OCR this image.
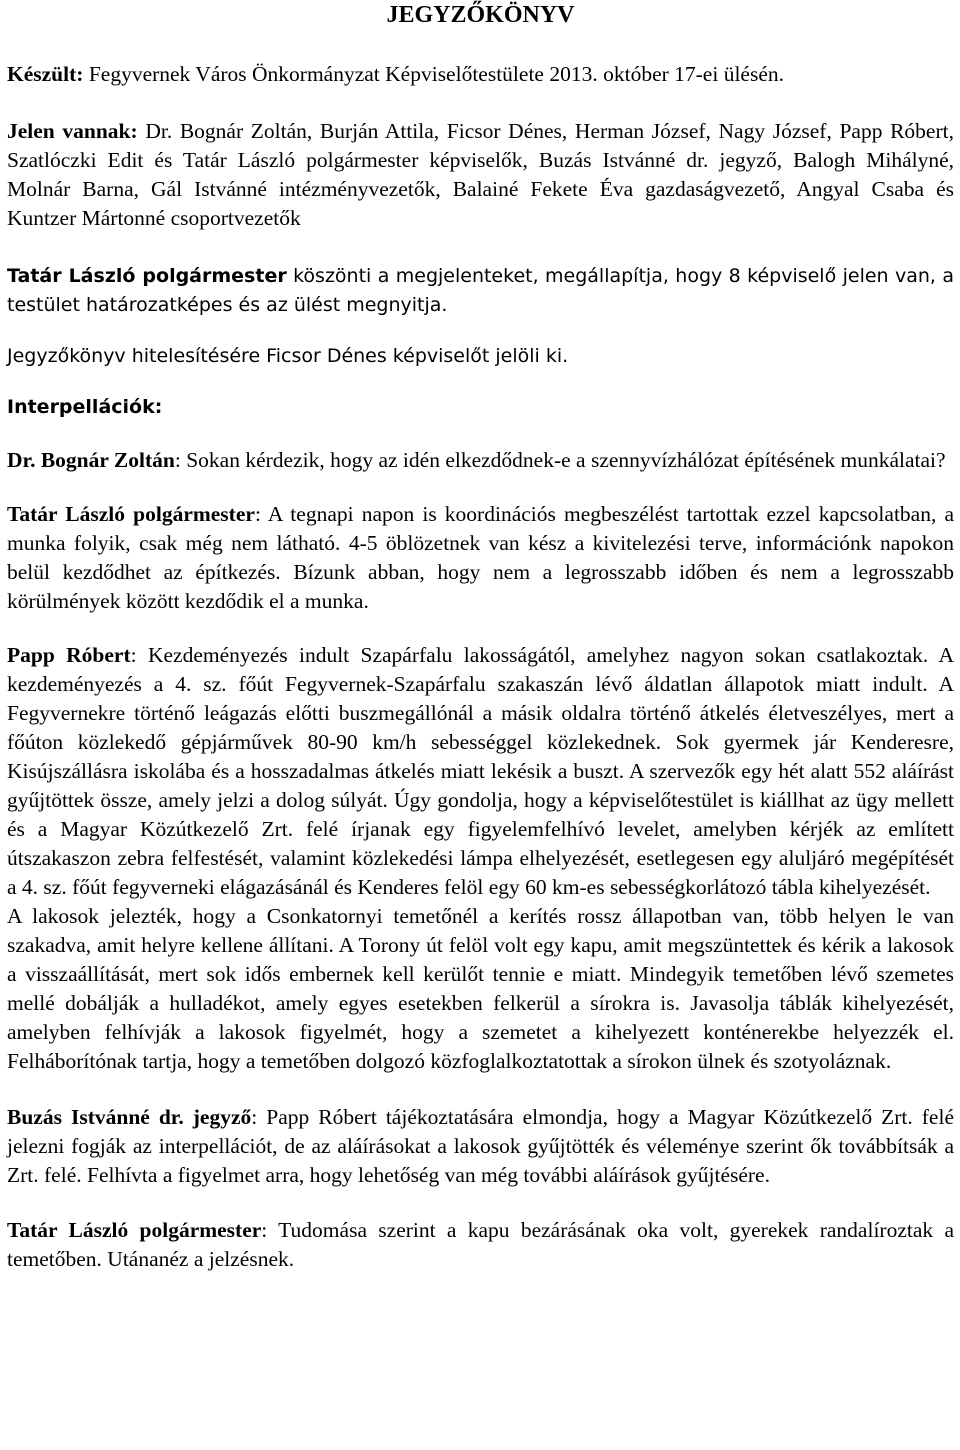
JEGYZŐKÖNYV

Készült: Fegyvernek Város Önkormányzat Képviselőtestülete 2013. október 17-ei ülésén.

Jelen vannak: Dr. Bognár Zoltán, Burján Attila, Ficsor Dénes, Herman József, Nagy József, Papp Róbert, Szatlóczki Edit és Tatár László polgármester képviselők, Buzás Istvánné dr. jegyző, Balogh Mihályné, Molnár Barna, Gál Istvánné intézményvezetők, Balainé Fekete Éva gazdaságvezető, Angyal Csaba és Kuntzer Mártonné csoportvezetők

Tatár László polgármester köszönti a megjelenteket, megállapítja, hogy 8 képviselő jelen van, a testület határozatképes és az ülést megnyitja.

Jegyzőkönyv hitelesítésére Ficsor Dénes képviselőt jelöli ki.

Interpellációk:

Dr. Bognár Zoltán: Sokan kérdezik, hogy az idén elkezdődnek-e a szennyvízhálózat építésének munkálatai?

Tatár László polgármester: A tegnapi napon is koordinációs megbeszélést tartottak ezzel kapcsolatban, a munka folyik, csak még nem látható. 4-5 öblözetnek van kész a kivitelezési terve, információnk napokon belül kezdődhet az építkezés. Bízunk abban, hogy nem a legrosszabb időben és nem a legrosszabb körülmények között kezdődik el a munka.

Papp Róbert: Kezdeményezés indult Szapárfalu lakosságától, amelyhez nagyon sokan csatlakoztak. A kezdeményezés a 4. sz. főút Fegyvernek-Szapárfalu szakaszán lévő áldatlan állapotok miatt indult. A Fegyvernekre történő leágazás előtti buszmegállónál a másik oldalra történő átkelés életveszélyes, mert a főúton közlekedő gépjárművek 80-90 km/h sebességgel közlekednek. Sok gyermek jár Kenderesre, Kisújszállásra iskolába és a hosszadalmas átkelés miatt lekésik a buszt. A szervezők egy hét alatt 552 aláírást gyűjtöttek össze, amely jelzi a dolog súlyát. Úgy gondolja, hogy a képviselőtestület is kiállhat az ügy mellett és a Magyar Közútkezelő Zrt. felé írjanak egy figyelemfelhívó levelet, amelyben kérjék az említett útszakaszon zebra felfestését, valamint közlekedési lámpa elhelyezését, esetlegesen egy aluljáró megépítését a 4. sz. főút fegyverneki elágazásánál és Kenderes felöl egy 60 km-es sebességkorlátozó tábla kihelyezését.

A lakosok jelezték, hogy a Csonkatornyi temetőnél a kerítés rossz állapotban van, több helyen le van szakadva, amit helyre kellene állítani. A Torony út felöl volt egy kapu, amit megszüntettek és kérik a lakosok a visszaállítását, mert sok idős embernek kell kerülőt tennie e miatt. Mindegyik temetőben lévő szemetes mellé dobálják a hulladékot, amely egyes esetekben felkerül a sírokra is. Javasolja táblák kihelyezését, amelyben felhívják a lakosok figyelmét, hogy a szemetet a kihelyezett konténerekbe helyezzék el. Felháborítónak tartja, hogy a temetőben dolgozó közfoglalkoztatottak a sírokon ülnek és szotyoláznak.

Buzás Istvánné dr. jegyző: Papp Róbert tájékoztatására elmondja, hogy a Magyar Közútkezelő Zrt. felé jelezni fogják az interpellációt, de az aláírásokat a lakosok gyűjtötték és véleménye szerint ők továbbítsák a Zrt. felé. Felhívta a figyelmet arra, hogy lehetőség van még további aláírások gyűjtésére.

Tatár László polgármester: Tudomása szerint a kapu bezárásának oka volt, gyerekek randalíroztak a temetőben. Utánanéz a jelzésnek.
